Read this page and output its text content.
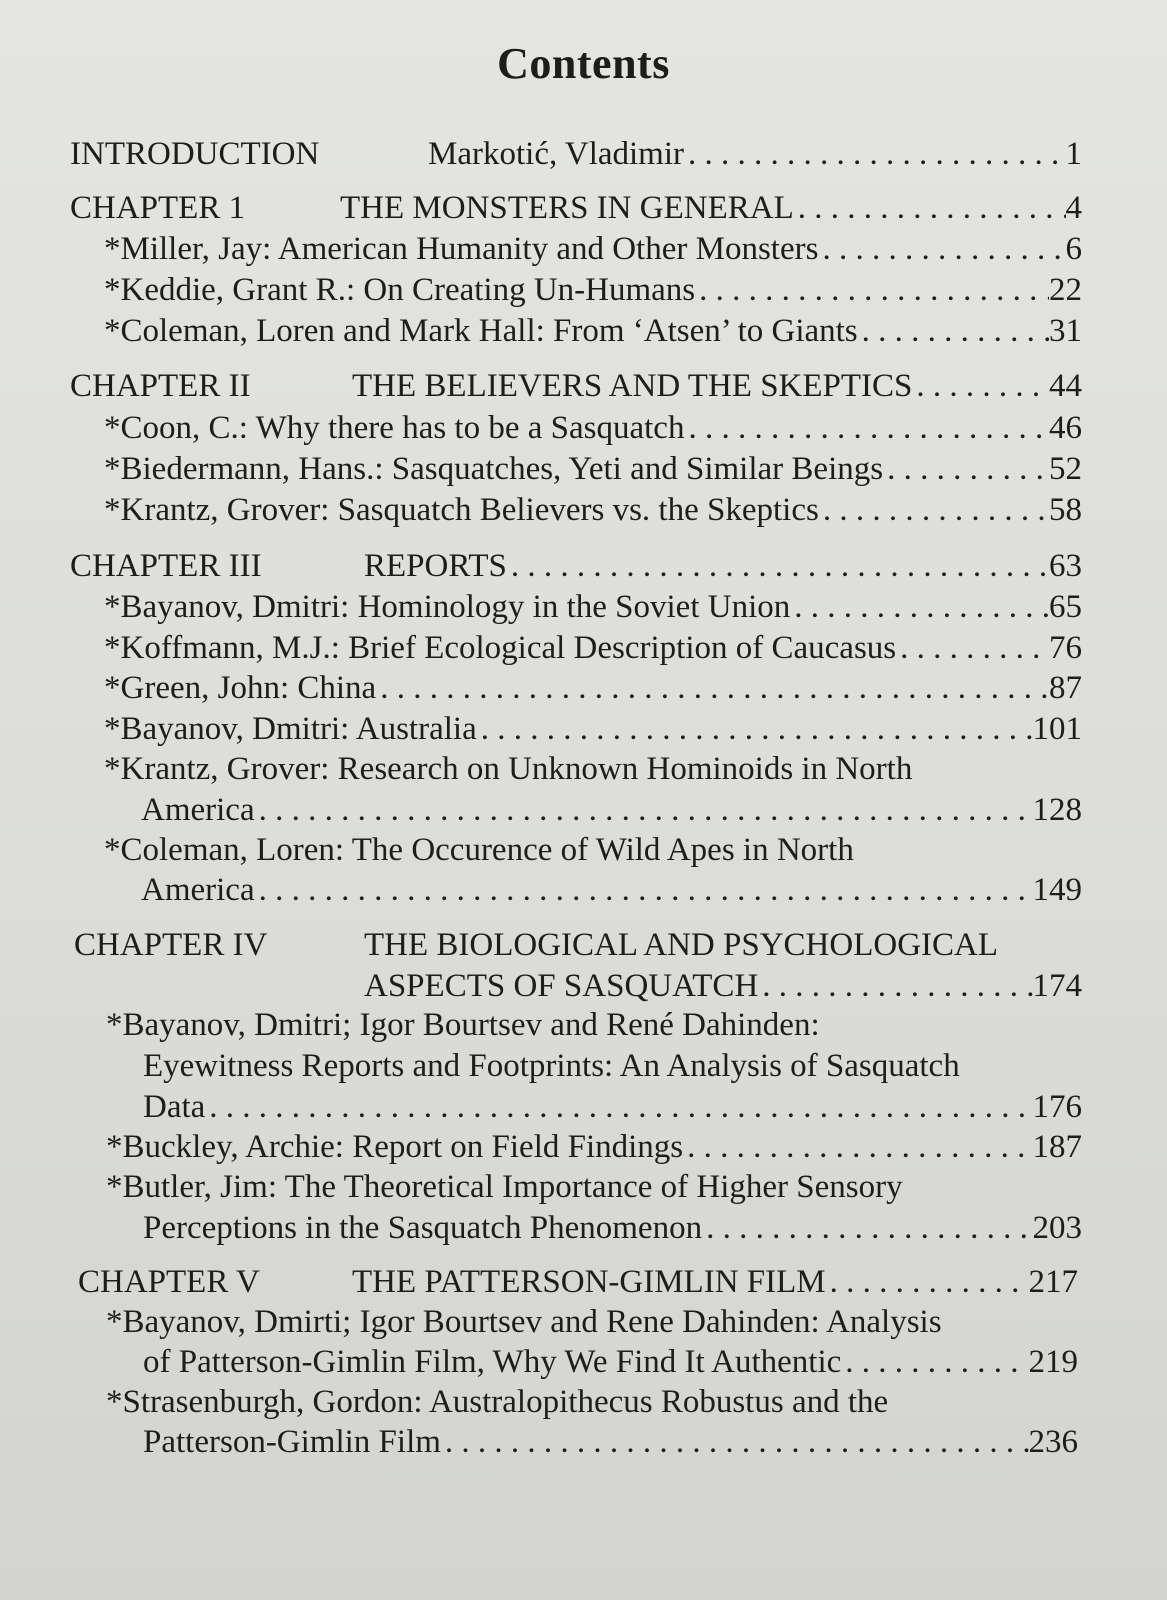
Contents
INTRODUCTION	Markotić, Vladimir . . .	1
CHAPTER 1	THE MONSTERS IN GENERAL . . .	4
*Miller, Jay: American Humanity and Other Monsters . . .	6
*Keddie, Grant R.: On Creating Un-Humans . . .	22
*Coleman, Loren and Mark Hall: From ‘Atsen’ to Giants . . .	31
CHAPTER II	THE BELIEVERS AND THE SKEPTICS . . .	44
*Coon, C.: Why there has to be a Sasquatch . . .	46
*Biedermann, Hans.: Sasquatches, Yeti and Similar Beings . . .	52
*Krantz, Grover: Sasquatch Believers vs. the Skeptics . . .	58
CHAPTER III	REPORTS . . .	63
*Bayanov, Dmitri: Hominology in the Soviet Union . . .	65
*Koffmann, M.J.: Brief Ecological Description of Caucasus . . .	76
*Green, John: China . . .	87
*Bayanov, Dmitri: Australia . . .	101
*Krantz, Grover: Research on Unknown Hominoids in North
America . . .	128
*Coleman, Loren: The Occurence of Wild Apes in North
America . . .	149
CHAPTER IV	THE BIOLOGICAL AND PSYCHOLOGICAL
ASPECTS OF SASQUATCH . . .	174
*Bayanov, Dmitri; Igor Bourtsev and René Dahinden:
Eyewitness Reports and Footprints: An Analysis of Sasquatch
Data . . .	176
*Buckley, Archie: Report on Field Findings . . .	187
*Butler, Jim: The Theoretical Importance of Higher Sensory
Perceptions in the Sasquatch Phenomenon . . .	203
CHAPTER V	THE PATTERSON-GIMLIN FILM . . .	217
*Bayanov, Dmirti; Igor Bourtsev and Rene Dahinden: Analysis
of Patterson-Gimlin Film, Why We Find It Authentic . . .	219
*Strasenburgh, Gordon: Australopithecus Robustus and the
Patterson-Gimlin Film . . .	236
